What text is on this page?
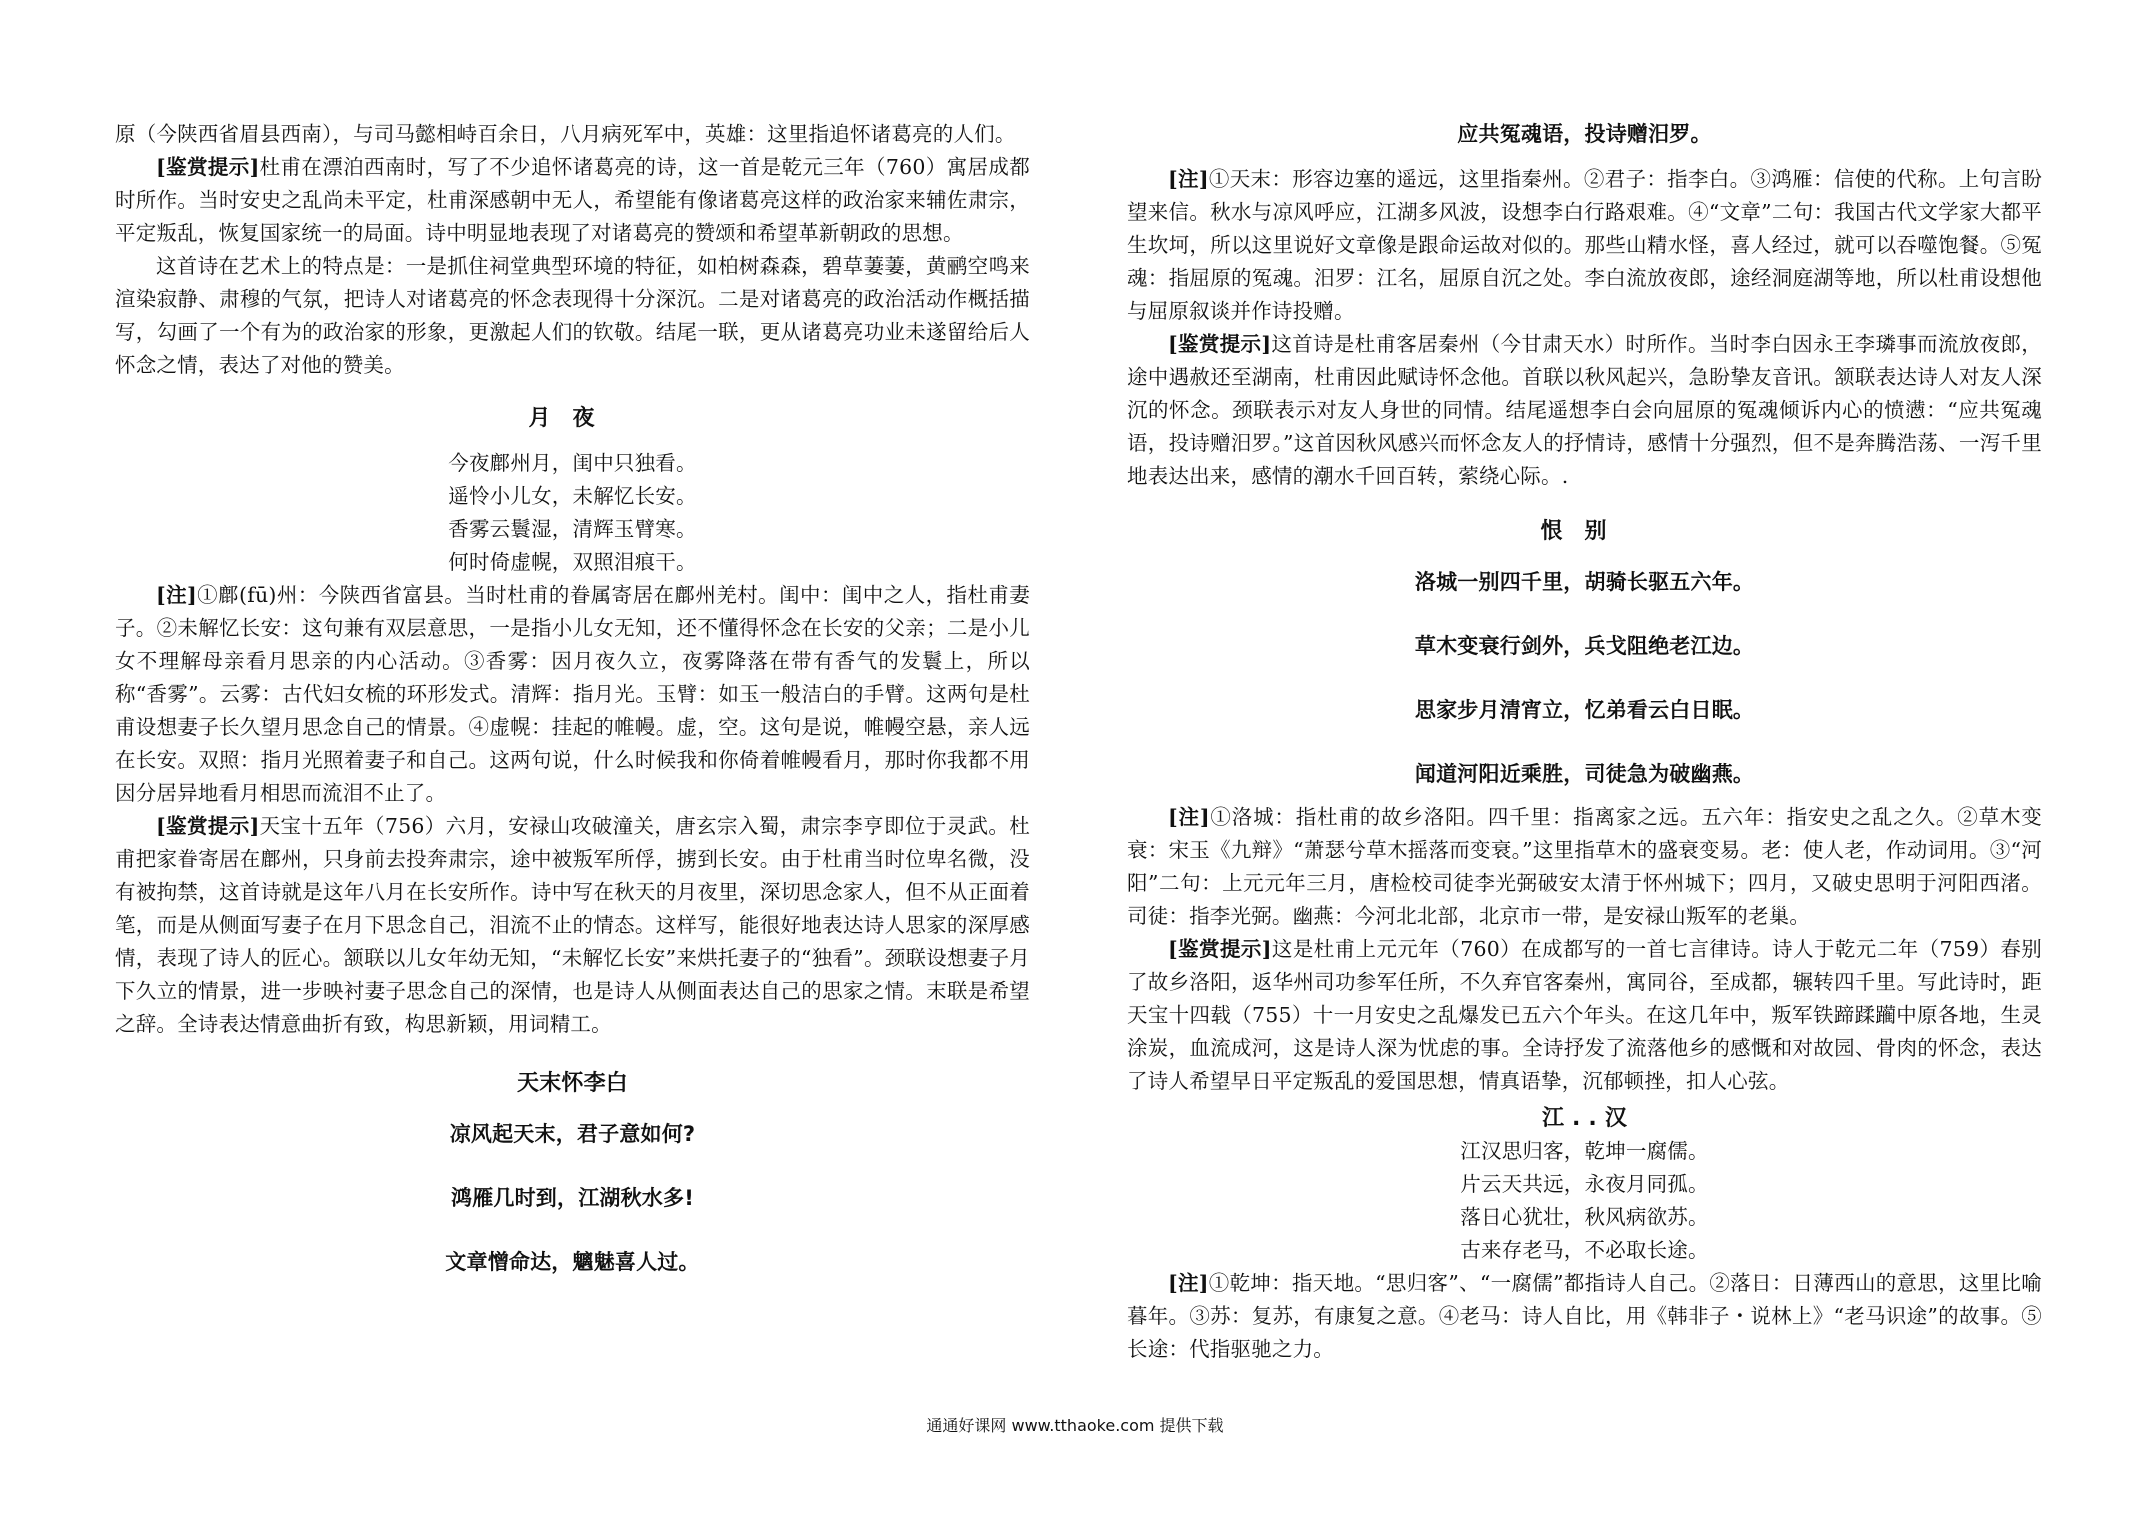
原（今陕西省眉县西南），与司马懿相峙百余日，八月病死军中，英雄：这里指追怀诸葛亮的人们。

[鉴赏提示]杜甫在漂泊西南时，写了不少追怀诸葛亮的诗，这一首是乾元三年（760）寓居成都时所作。当时安史之乱尚未平定，杜甫深感朝中无人，希望能有像诸葛亮这样的政治家来辅佐肃宗，平定叛乱，恢复国家统一的局面。诗中明显地表现了对诸葛亮的赞颂和希望革新朝政的思想。

这首诗在艺术上的特点是：一是抓住祠堂典型环境的特征，如柏树森森，碧草萋萋，黄鹂空鸣来渲染寂静、肃穆的气氛，把诗人对诸葛亮的怀念表现得十分深沉。二是对诸葛亮的政治活动作概括描写，勾画了一个有为的政治家的形象，更激起人们的钦敬。结尾一联，更从诸葛亮功业未遂留给后人怀念之情，表达了对他的赞美。

月夜

今夜鄜州月，闺中只独看。

遥怜小儿女，未解忆长安。

香雾云鬟湿，清辉玉臂寒。

何时倚虚幌，双照泪痕干。

[注]①鄜(fū)州：今陕西省富县。当时杜甫的眷属寄居在鄜州羌村。闺中：闺中之人，指杜甫妻子。②未解忆长安：这句兼有双层意思，一是指小儿女无知，还不懂得怀念在长安的父亲；二是小儿女不理解母亲看月思亲的内心活动。③香雾：因月夜久立，夜雾降落在带有香气的发鬟上，所以称“香雾”。云雾：古代妇女梳的环形发式。清辉：指月光。玉臂：如玉一般洁白的手臂。这两句是杜甫设想妻子长久望月思念自己的情景。④虚幌：挂起的帷幔。虚，空。这句是说，帷幔空悬，亲人远在长安。双照：指月光照着妻子和自己。这两句说，什么时候我和你倚着帷幔看月，那时你我都不用因分居异地看月相思而流泪不止了。

[鉴赏提示]天宝十五年（756）六月，安禄山攻破潼关，唐玄宗入蜀，肃宗李亨即位于灵武。杜甫把家眷寄居在鄜州，只身前去投奔肃宗，途中被叛军所俘，掳到长安。由于杜甫当时位卑名微，没有被拘禁，这首诗就是这年八月在长安所作。诗中写在秋天的月夜里，深切思念家人，但不从正面着笔，而是从侧面写妻子在月下思念自己，泪流不止的情态。这样写，能很好地表达诗人思家的深厚感情，表现了诗人的匠心。颔联以儿女年幼无知，“未解忆长安”来烘托妻子的“独看”。颈联设想妻子月下久立的情景，进一步映衬妻子思念自己的深情，也是诗人从侧面表达自己的思家之情。末联是希望之辞。全诗表达情意曲折有致，构思新颖，用词精工。

天末怀李白

凉风起天末，君子意如何?

鸿雁几时到，江湖秋水多!

文章憎命达，魑魅喜人过。

应共冤魂语，投诗赠汨罗。

[注]①天末：形容边塞的遥远，这里指秦州。②君子：指李白。③鸿雁：信使的代称。上句言盼望来信。秋水与凉风呼应，江湖多风波，设想李白行路艰难。④“文章”二句：我国古代文学家大都平生坎坷，所以这里说好文章像是跟命运故对似的。那些山精水怪，喜人经过，就可以吞噬饱餐。⑤冤魂：指屈原的冤魂。汨罗：江名，屈原自沉之处。李白流放夜郎，途经洞庭湖等地，所以杜甫设想他与屈原叙谈并作诗投赠。

[鉴赏提示]这首诗是杜甫客居秦州（今甘肃天水）时所作。当时李白因永王李璘事而流放夜郎，途中遇赦还至湖南，杜甫因此赋诗怀念他。首联以秋风起兴，急盼挚友音讯。颔联表达诗人对友人深沉的怀念。颈联表示对友人身世的同情。结尾遥想李白会向屈原的冤魂倾诉内心的愤懑：“应共冤魂语，投诗赠汨罗。”这首因秋风感兴而怀念友人的抒情诗，感情十分强烈，但不是奔腾浩荡、一泻千里地表达出来，感情的潮水千回百转，萦绕心际。.

恨别

洛城一别四千里，胡骑长驱五六年。

草木变衰行剑外，兵戈阻绝老江边。

思家步月清宵立，忆弟看云白日眠。

闻道河阳近乘胜，司徒急为破幽燕。

[注]①洛城：指杜甫的故乡洛阳。四千里：指离家之远。五六年：指安史之乱之久。②草木变衰：宋玉《九辩》“萧瑟兮草木摇落而变衰。”这里指草木的盛衰变易。老：使人老，作动词用。③“河阳”二句：上元元年三月，唐检校司徒李光弼破安太清于怀州城下；四月，又破史思明于河阳西渚。司徒：指李光弼。幽燕：今河北北部，北京市一带，是安禄山叛军的老巢。

[鉴赏提示]这是杜甫上元元年（760）在成都写的一首七言律诗。诗人于乾元二年（759）春别了故乡洛阳，返华州司功参军任所，不久弃官客秦州，寓同谷，至成都，辗转四千里。写此诗时，距天宝十四载（755）十一月安史之乱爆发已五六个年头。在这几年中，叛军铁蹄蹂躏中原各地，生灵涂炭，血流成河，这是诗人深为忧虑的事。全诗抒发了流落他乡的感慨和对故园、骨肉的怀念，表达了诗人希望早日平定叛乱的爱国思想，情真语挚，沉郁顿挫，扣人心弦。

江 . . 汉

江汉思归客，乾坤一腐儒。

片云天共远，永夜月同孤。

落日心犹壮，秋风病欲苏。

古来存老马，不必取长途。

[注]①乾坤：指天地。“思归客”、“一腐儒”都指诗人自己。②落日：日薄西山的意思，这里比喻暮年。③苏：复苏，有康复之意。④老马：诗人自比，用《韩非子・说林上》“老马识途”的故事。⑤长途：代指驱驰之力。

通通好课网 www.tthaoke.com 提供下载
